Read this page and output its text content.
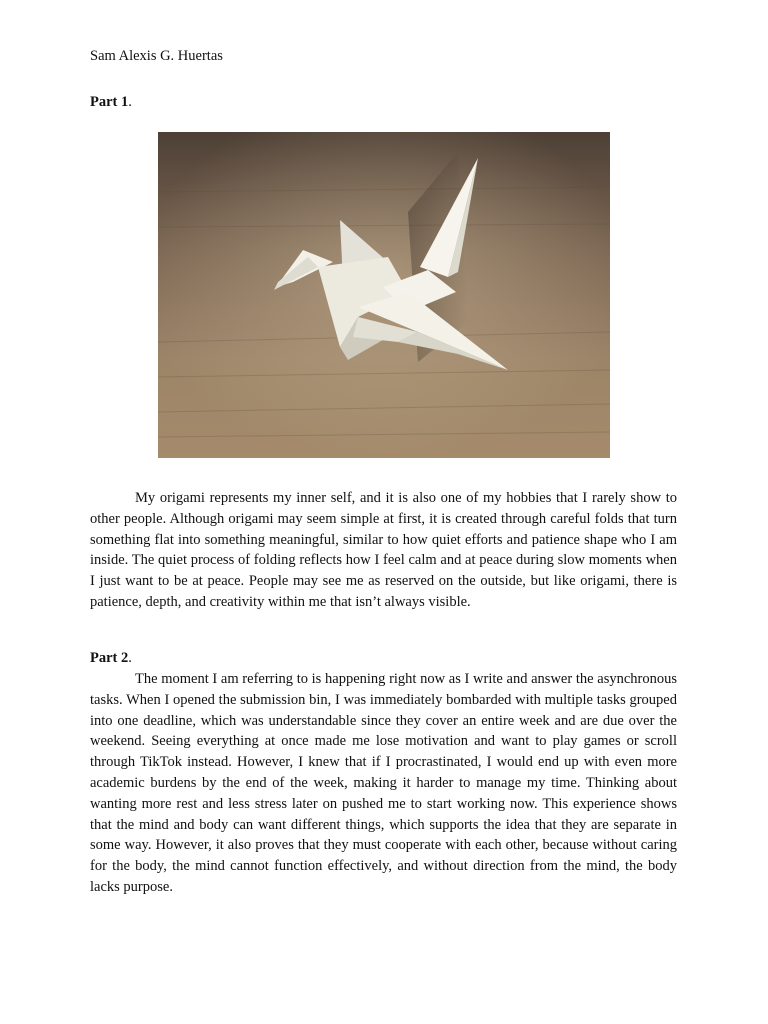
Sam Alexis G. Huertas
Part 1.

My origami represents my inner self, and it is also one of my hobbies that I rarely show to other people. Although origami may seem simple at first, it is created through careful folds that turn something flat into something meaningful, similar to how quiet efforts and patience shape who I am inside. The quiet process of folding reflects how I feel calm and at peace during slow moments when I just want to be at peace. People may see me as reserved on the outside, but like origami, there is patience, depth, and creativity within me that isn’t always visible.

Part 2.

The moment I am referring to is happening right now as I write and answer the asynchronous tasks. When I opened the submission bin, I was immediately bombarded with multiple tasks grouped into one deadline, which was understandable since they cover an entire week and are due over the weekend. Seeing everything at once made me lose motivation and want to play games or scroll through TikTok instead. However, I knew that if I procrastinated, I would end up with even more academic burdens by the end of the week, making it harder to manage my time. Thinking about wanting more rest and less stress later on pushed me to start working now. This experience shows that the mind and body can want different things, which supports the idea that they are separate in some way. However, it also proves that they must cooperate with each other, because without caring for the body, the mind cannot function effectively, and without direction from the mind, the body lacks purpose.
